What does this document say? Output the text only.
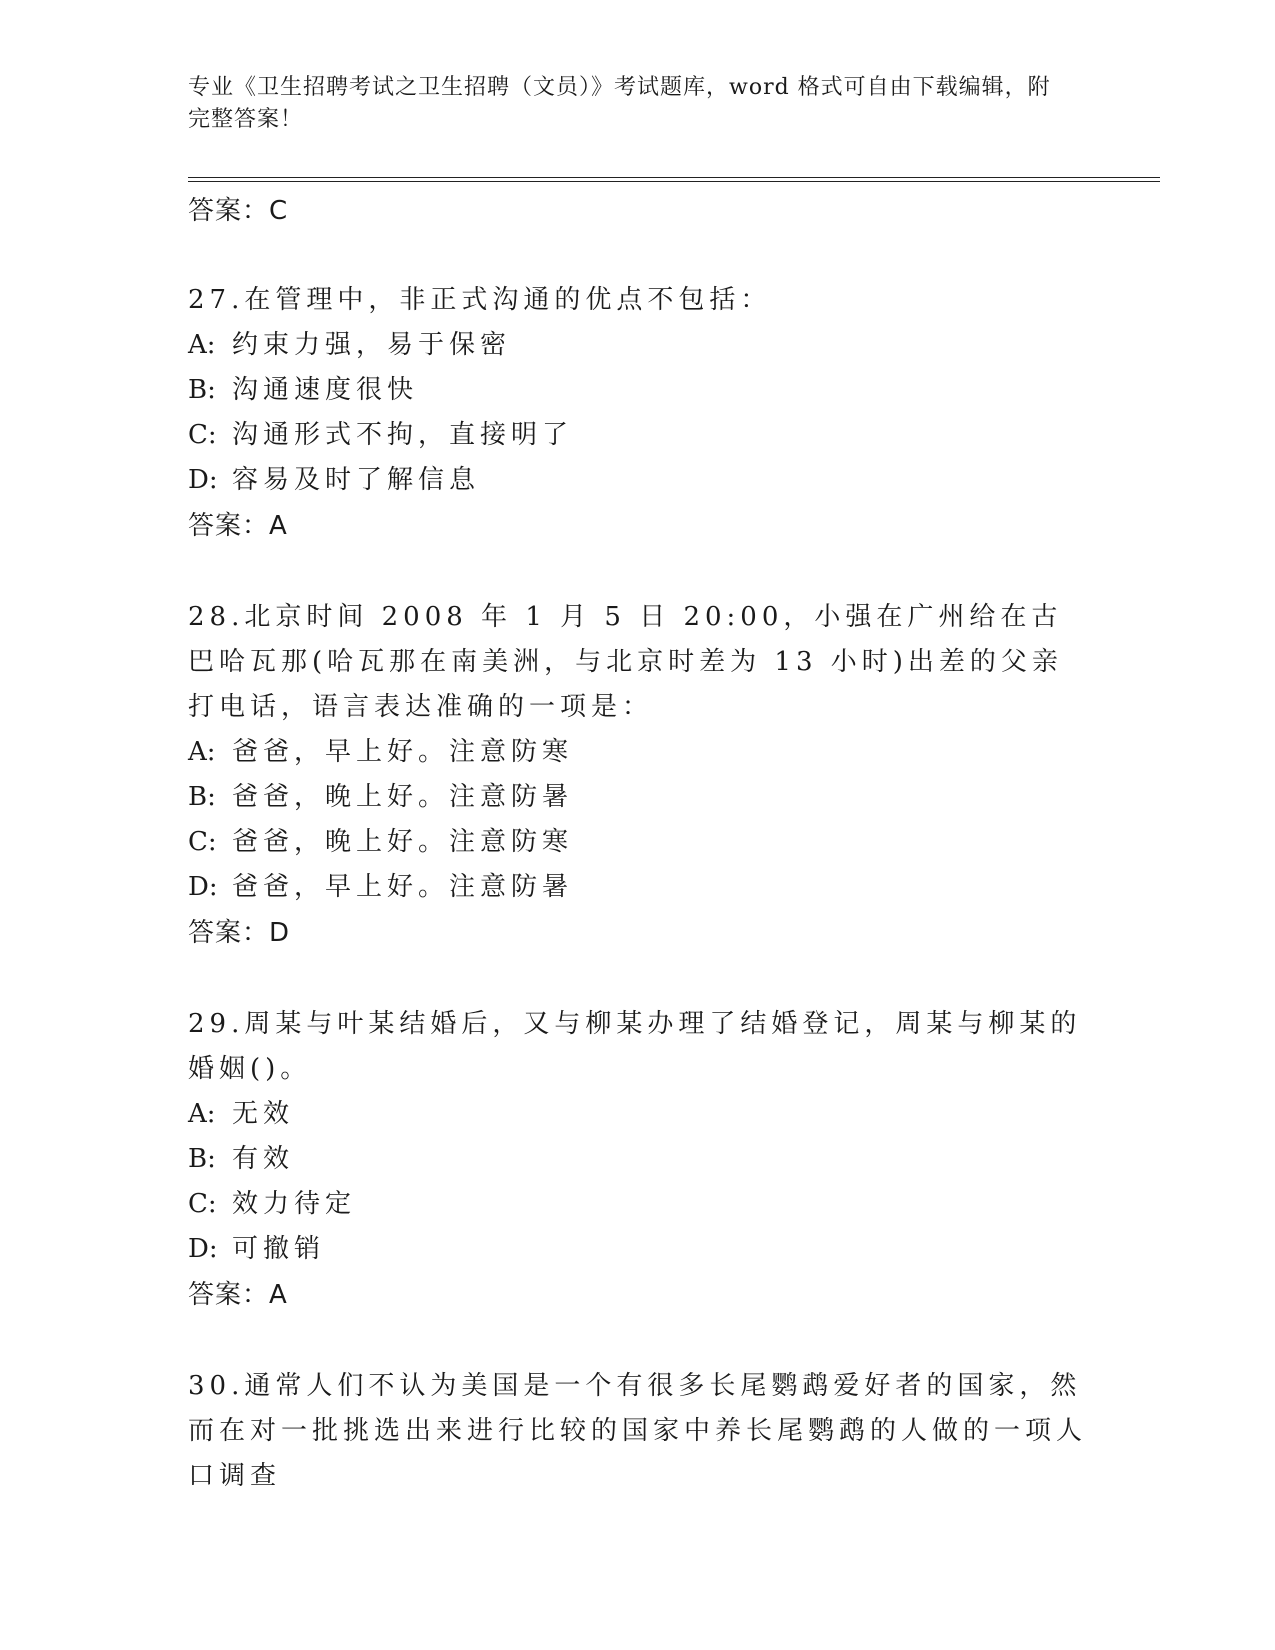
专业《卫生招聘考试之卫生招聘（文员）》考试题库，word 格式可自由下载编辑，附完整答案！
答案：C

27.在管理中，非正式沟通的优点不包括：

A: 约束力强，易于保密

B: 沟通速度很快

C: 沟通形式不拘，直接明了

D: 容易及时了解信息

答案：A

28.北京时间 2008 年 1 月 5 日 20:00，小强在广州给在古巴哈瓦那(哈瓦那在南美洲，与北京时差为 13 小时)出差的父亲打电话，语言表达准确的一项是：

A: 爸爸，早上好。注意防寒

B: 爸爸，晚上好。注意防暑

C: 爸爸，晚上好。注意防寒

D: 爸爸，早上好。注意防暑

答案：D

29.周某与叶某结婚后，又与柳某办理了结婚登记，周某与柳某的婚姻()。

A: 无效

B: 有效

C: 效力待定

D: 可撤销

答案：A

30.通常人们不认为美国是一个有很多长尾鹦鹉爱好者的国家，然而在对一批挑选出来进行比较的国家中养长尾鹦鹉的人做的一项人口调查
